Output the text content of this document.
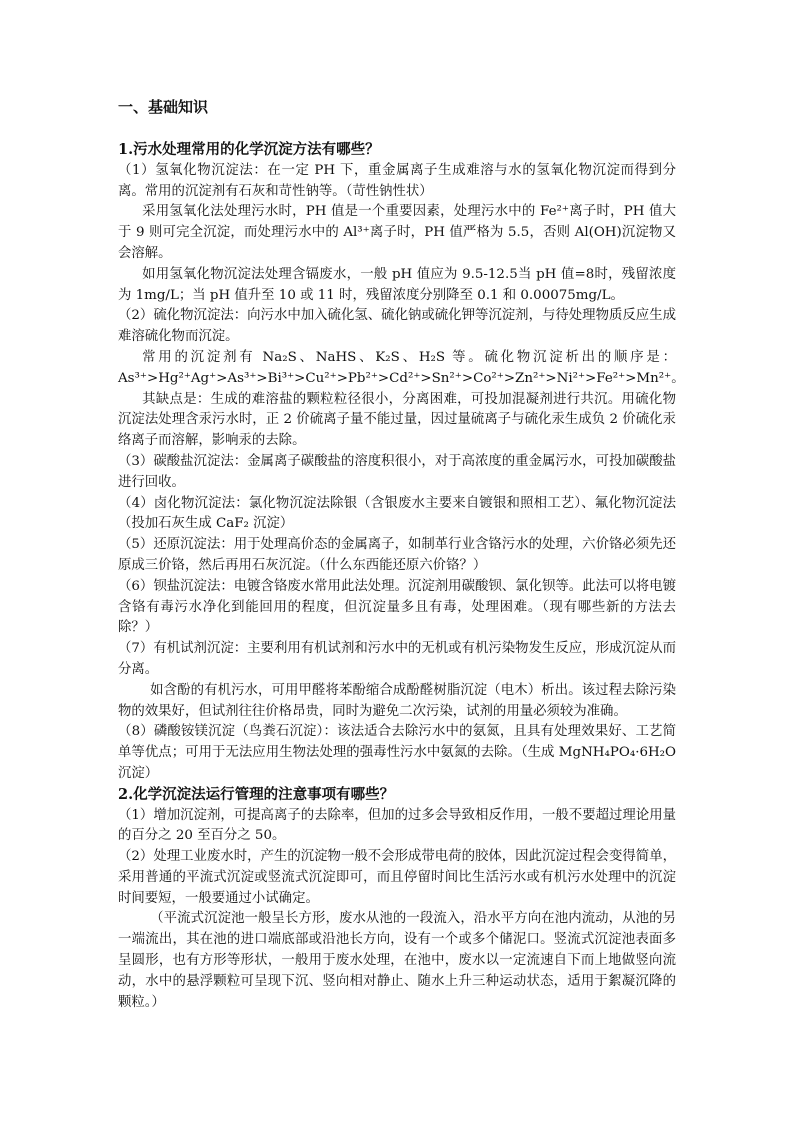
一、基础知识

1.污水处理常用的化学沉淀方法有哪些？

（1）氢氧化物沉淀法：在一定 PH 下，重金属离子生成难溶与水的氢氧化物沉淀而得到分离。常用的沉淀剂有石灰和苛性钠等。（苛性钠性状）

采用氢氧化法处理污水时，PH 值是一个重要因素，处理污水中的 Fe²⁺离子时，PH 值大于 9 则可完全沉淀，而处理污水中的 Al³⁺离子时，PH 值严格为 5.5，否则 Al(OH)沉淀物又会溶解。

如用氢氧化物沉淀法处理含镉废水，一般 pH 值应为 9.5-12.5当 pH 值=8时，残留浓度为 1mg/L；当 pH 值升至 10 或 11 时，残留浓度分别降至 0.1 和 0.00075mg/L。

（2）硫化物沉淀法：向污水中加入硫化氢、硫化钠或硫化钾等沉淀剂，与待处理物质反应生成难溶硫化物而沉淀。

常用的沉淀剂有 Na₂S、NaHS、K₂S、H₂S 等。硫化物沉淀析出的顺序是：As³⁺>Hg²⁺Ag⁺>As³⁺>Bi³⁺>Cu²⁺>Pb²⁺>Cd²⁺>Sn²⁺>Co²⁺>Zn²⁺>Ni²⁺>Fe²⁺>Mn²⁺。

其缺点是：生成的难溶盐的颗粒粒径很小，分离困难，可投加混凝剂进行共沉。用硫化物沉淀法处理含汞污水时，正 2 价硫离子量不能过量，因过量硫离子与硫化汞生成负 2 价硫化汞络离子而溶解，影响汞的去除。

（3）碳酸盐沉淀法：金属离子碳酸盐的溶度积很小，对于高浓度的重金属污水，可投加碳酸盐进行回收。

（4）卤化物沉淀法：氯化物沉淀法除银（含银废水主要来自镀银和照相工艺）、氟化物沉淀法（投加石灰生成 CaF₂ 沉淀）

（5）还原沉淀法：用于处理高价态的金属离子，如制革行业含铬污水的处理，六价铬必须先还原成三价铬，然后再用石灰沉淀。（什么东西能还原六价铬？）

（6）钡盐沉淀法：电镀含铬废水常用此法处理。沉淀剂用碳酸钡、氯化钡等。此法可以将电镀含铬有毒污水净化到能回用的程度，但沉淀量多且有毒，处理困难。（现有哪些新的方法去除？）

（7）有机试剂沉淀：主要利用有机试剂和污水中的无机或有机污染物发生反应，形成沉淀从而分离。

如含酚的有机污水，可用甲醛将苯酚缩合成酚醛树脂沉淀（电木）析出。该过程去除污染物的效果好，但试剂往往价格昂贵，同时为避免二次污染，试剂的用量必须较为准确。

（8）磷酸铵镁沉淀（鸟粪石沉淀）：该法适合去除污水中的氨氮，且具有处理效果好、工艺简单等优点；可用于无法应用生物法处理的强毒性污水中氨氮的去除。（生成 MgNH₄PO₄·6H₂O 沉淀）

2.化学沉淀法运行管理的注意事项有哪些？

（1）增加沉淀剂，可提高离子的去除率，但加的过多会导致相反作用，一般不要超过理论用量的百分之 20 至百分之 50。

（2）处理工业废水时，产生的沉淀物一般不会形成带电荷的胶体，因此沉淀过程会变得简单，采用普通的平流式沉淀或竖流式沉淀即可，而且停留时间比生活污水或有机污水处理中的沉淀时间要短，一般要通过小试确定。

（平流式沉淀池一般呈长方形，废水从池的一段流入，沿水平方向在池内流动，从池的另一端流出，其在池的进口端底部或沿池长方向，设有一个或多个储泥口。竖流式沉淀池表面多呈圆形，也有方形等形状，一般用于废水处理，在池中，废水以一定流速自下而上地做竖向流动，水中的悬浮颗粒可呈现下沉、竖向相对静止、随水上升三种运动状态，适用于絮凝沉降的颗粒。）
